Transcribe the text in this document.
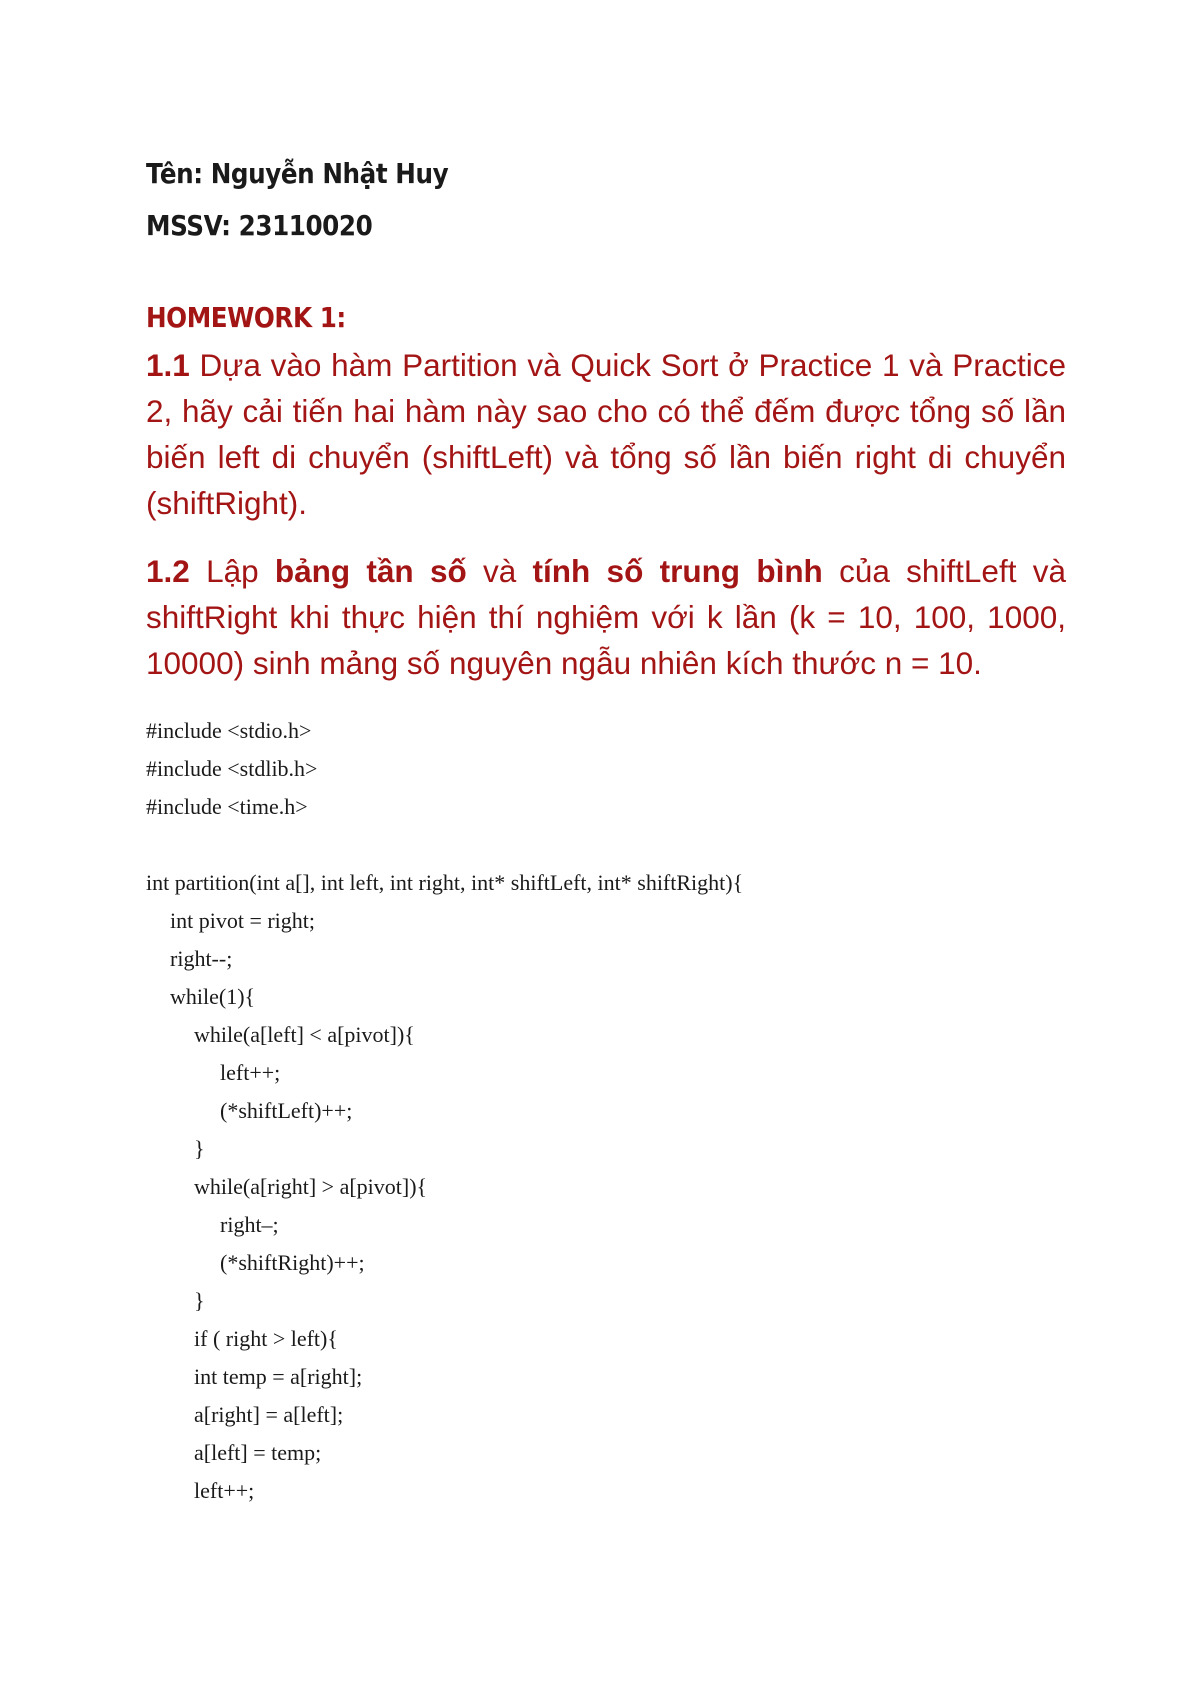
Tên: Nguyễn Nhật Huy

MSSV: 23110020

HOMEWORK 1:

1.1 Dựa vào hàm Partition và Quick Sort ở Practice 1 và Practice 2, hãy cải tiến hai hàm này sao cho có thể đếm được tổng số lần biến left di chuyển (shiftLeft) và tổng số lần biến right di chuyển (shiftRight).

1.2 Lập bảng tần số và tính số trung bình của shiftLeft và shiftRight khi thực hiện thí nghiệm với k lần (k = 10, 100, 1000, 10000) sinh mảng số nguyên ngẫu nhiên kích thước n = 10.

#include <stdio.h>
#include <stdlib.h>
#include <time.h>
int partition(int a[], int left, int right, int* shiftLeft, int* shiftRight){
int pivot = right;
right--;
while(1){
while(a[left] < a[pivot]){
left++;
(*shiftLeft)++;
}
while(a[right] > a[pivot]){
right–;
(*shiftRight)++;
}
if ( right > left){
int temp = a[right];
a[right] = a[left];
a[left] = temp;
left++;
